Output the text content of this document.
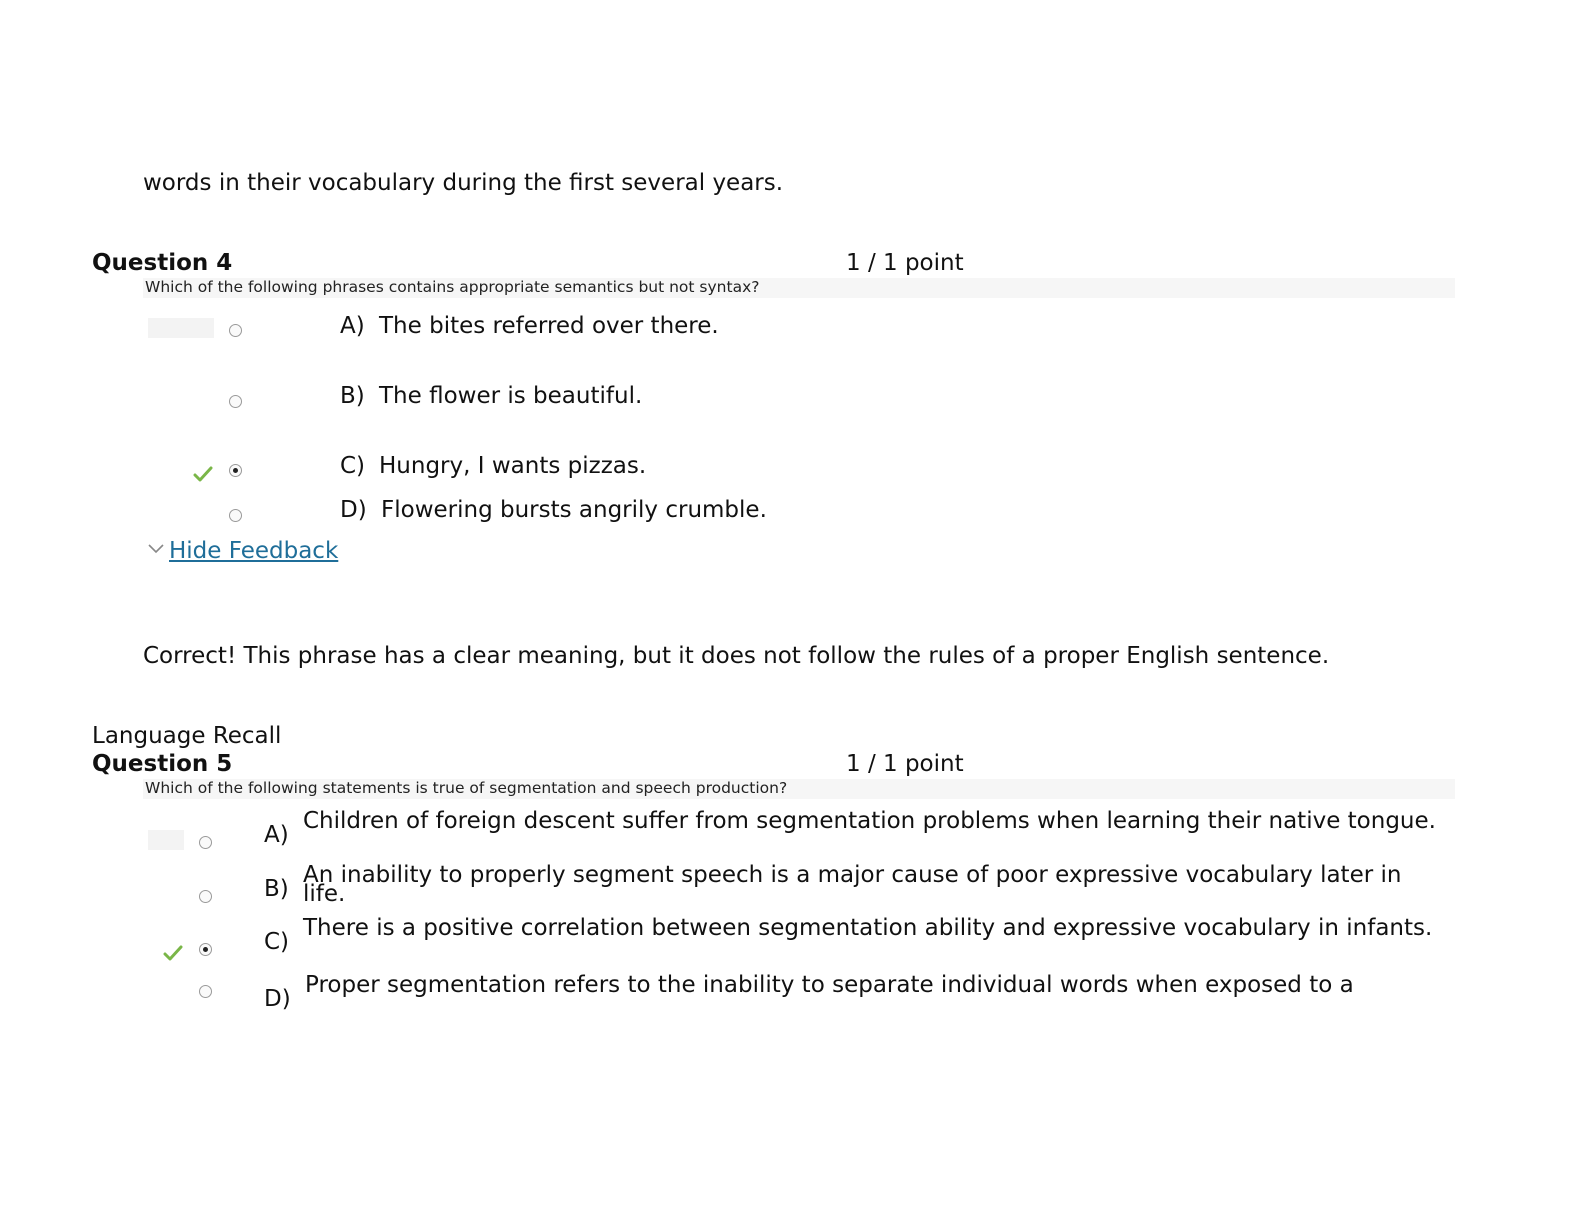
words in their vocabulary during the first several years.
Question 4	1 / 1 point
Which of the following phrases contains appropriate semantics but not syntax?
A) The bites referred over there.
B) The flower is beautiful.
C) Hungry, I wants pizzas.
D) Flowering bursts angrily crumble.
Hide Feedback
Correct! This phrase has a clear meaning, but it does not follow the rules of a proper English sentence.
Language Recall
Question 5	1 / 1 point
Which of the following statements is true of segmentation and speech production?
A)
Children of foreign descent suffer from segmentation problems when learning their native tongue.
B)
An inability to properly segment speech is a major cause of poor expressive vocabulary later in life.
C)
There is a positive correlation between segmentation ability and expressive vocabulary in infants.
D)
Proper segmentation refers to the inability to separate individual words when exposed to a
